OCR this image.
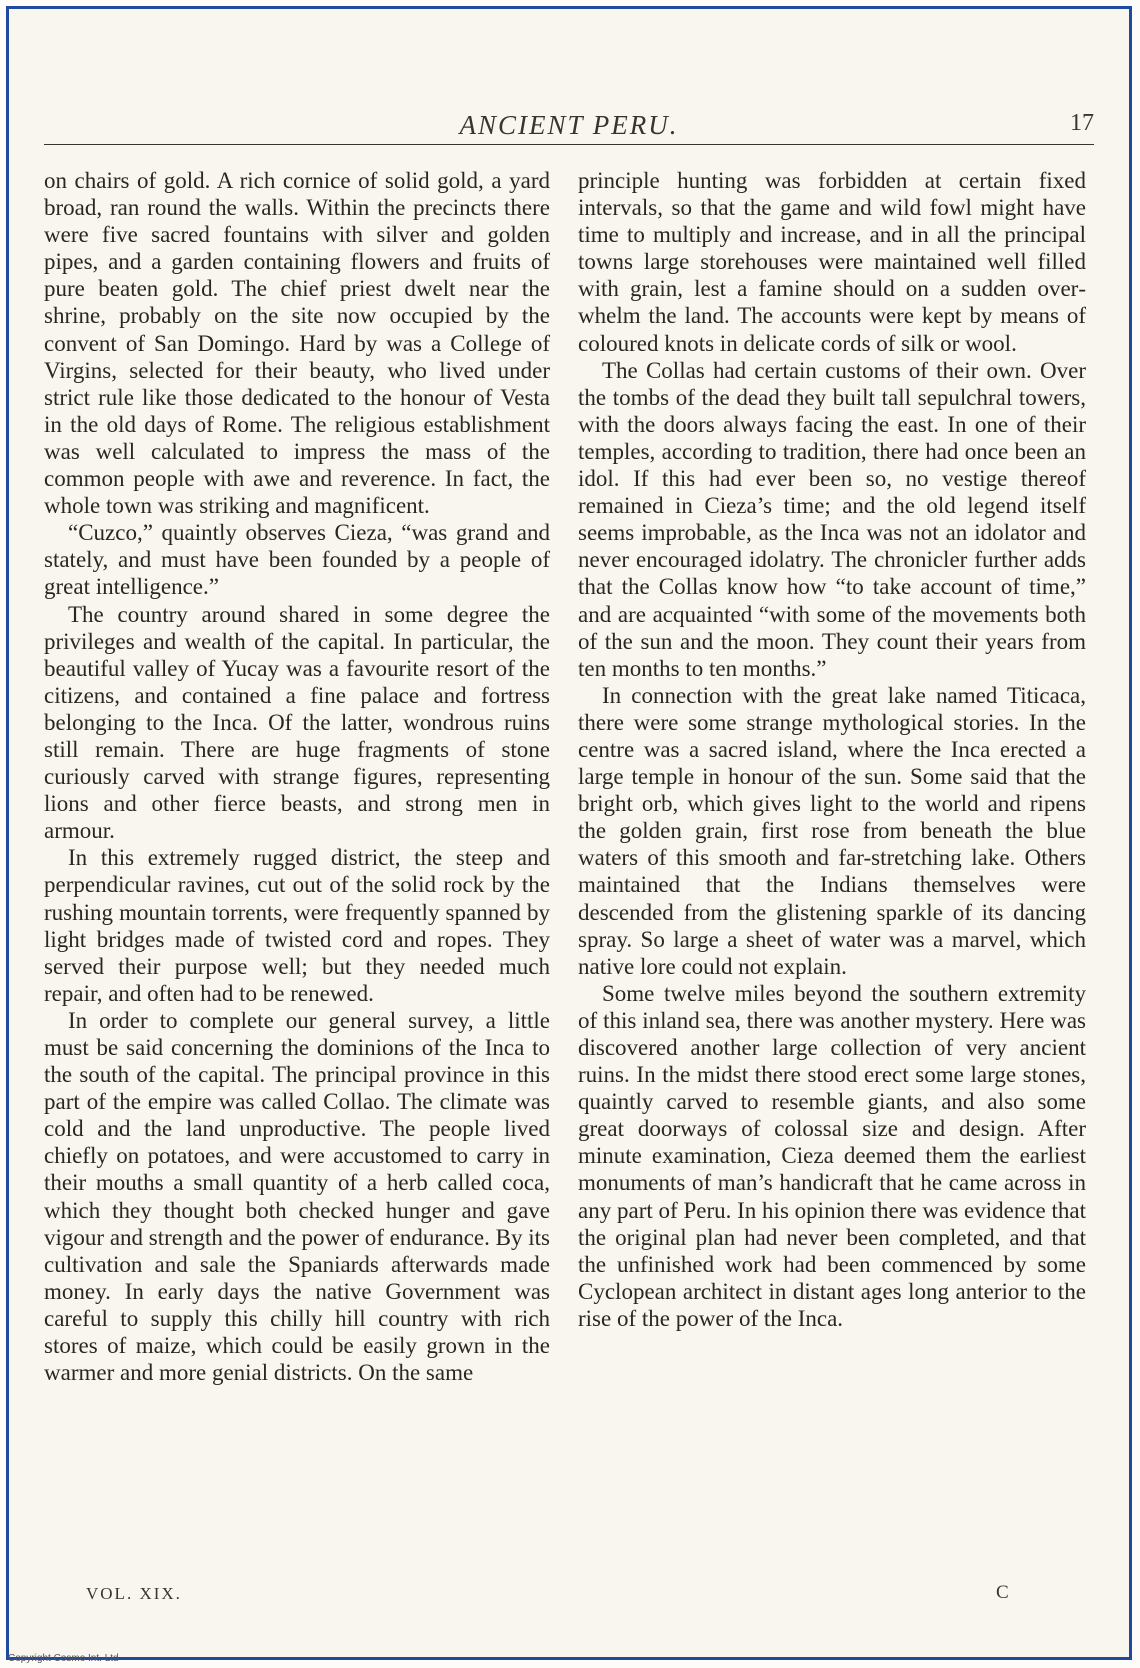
ANCIENT PERU.	17

on chairs of gold. A rich cornice of solid gold, a yard broad, ran round the walls. Within the precincts there were five sacred fountains with silver and golden pipes, and a garden containing flowers and fruits of pure beaten gold. The chief priest dwelt near the shrine, probably on the site now occupied by the convent of San Domingo. Hard by was a College of Virgins, selected for their beauty, who lived under strict rule like those dedicated to the honour of Vesta in the old days of Rome. The religious establishment was well calculated to impress the mass of the common people with awe and reverence. In fact, the whole town was striking and magnificent.

“Cuzco,” quaintly observes Cieza, “was grand and stately, and must have been founded by a people of great intelligence.”

The country around shared in some degree the privileges and wealth of the capital. In particular, the beautiful valley of Yucay was a favourite resort of the citizens, and contained a fine palace and fortress belonging to the Inca. Of the latter, wondrous ruins still remain. There are huge fragments of stone curiously carved with strange figures, representing lions and other fierce beasts, and strong men in armour.

In this extremely rugged district, the steep and perpendicular ravines, cut out of the solid rock by the rushing mountain torrents, were frequently spanned by light bridges made of twisted cord and ropes. They served their purpose well; but they needed much repair, and often had to be renewed.

In order to complete our general survey, a little must be said concerning the dominions of the Inca to the south of the capital. The principal province in this part of the empire was called Collao. The climate was cold and the land unproductive. The people lived chiefly on potatoes, and were accustomed to carry in their mouths a small quantity of a herb called coca, which they thought both checked hunger and gave vigour and strength and the power of endurance. By its cultivation and sale the Spaniards afterwards made money. In early days the native Government was careful to supply this chilly hill country with rich stores of maize, which could be easily grown in the warmer and more genial districts. On the same

principle hunting was forbidden at certain fixed intervals, so that the game and wild fowl might have time to multiply and increase, and in all the principal towns large storehouses were maintained well filled with grain, lest a famine should on a sudden overwhelm the land. The accounts were kept by means of coloured knots in delicate cords of silk or wool.

The Collas had certain customs of their own. Over the tombs of the dead they built tall sepulchral towers, with the doors always facing the east. In one of their temples, according to tradition, there had once been an idol. If this had ever been so, no vestige thereof remained in Cieza’s time; and the old legend itself seems improbable, as the Inca was not an idolator and never encouraged idolatry. The chronicler further adds that the Collas know how “to take account of time,” and are acquainted “with some of the movements both of the sun and the moon. They count their years from ten months to ten months.”

In connection with the great lake named Titicaca, there were some strange mythological stories. In the centre was a sacred island, where the Inca erected a large temple in honour of the sun. Some said that the bright orb, which gives light to the world and ripens the golden grain, first rose from beneath the blue waters of this smooth and far-stretching lake. Others maintained that the Indians themselves were descended from the glistening sparkle of its dancing spray. So large a sheet of water was a marvel, which native lore could not explain.

Some twelve miles beyond the southern extremity of this inland sea, there was another mystery. Here was discovered another large collection of very ancient ruins. In the midst there stood erect some large stones, quaintly carved to resemble giants, and also some great doorways of colossal size and design. After minute examination, Cieza deemed them the earliest monuments of man’s handicraft that he came across in any part of Peru. In his opinion there was evidence that the original plan had never been completed, and that the unfinished work had been commenced by some Cyclopean architect in distant ages long anterior to the rise of the power of the Inca.

VOL. XIX.	C
Copyright Cosmo Int. Ltd
